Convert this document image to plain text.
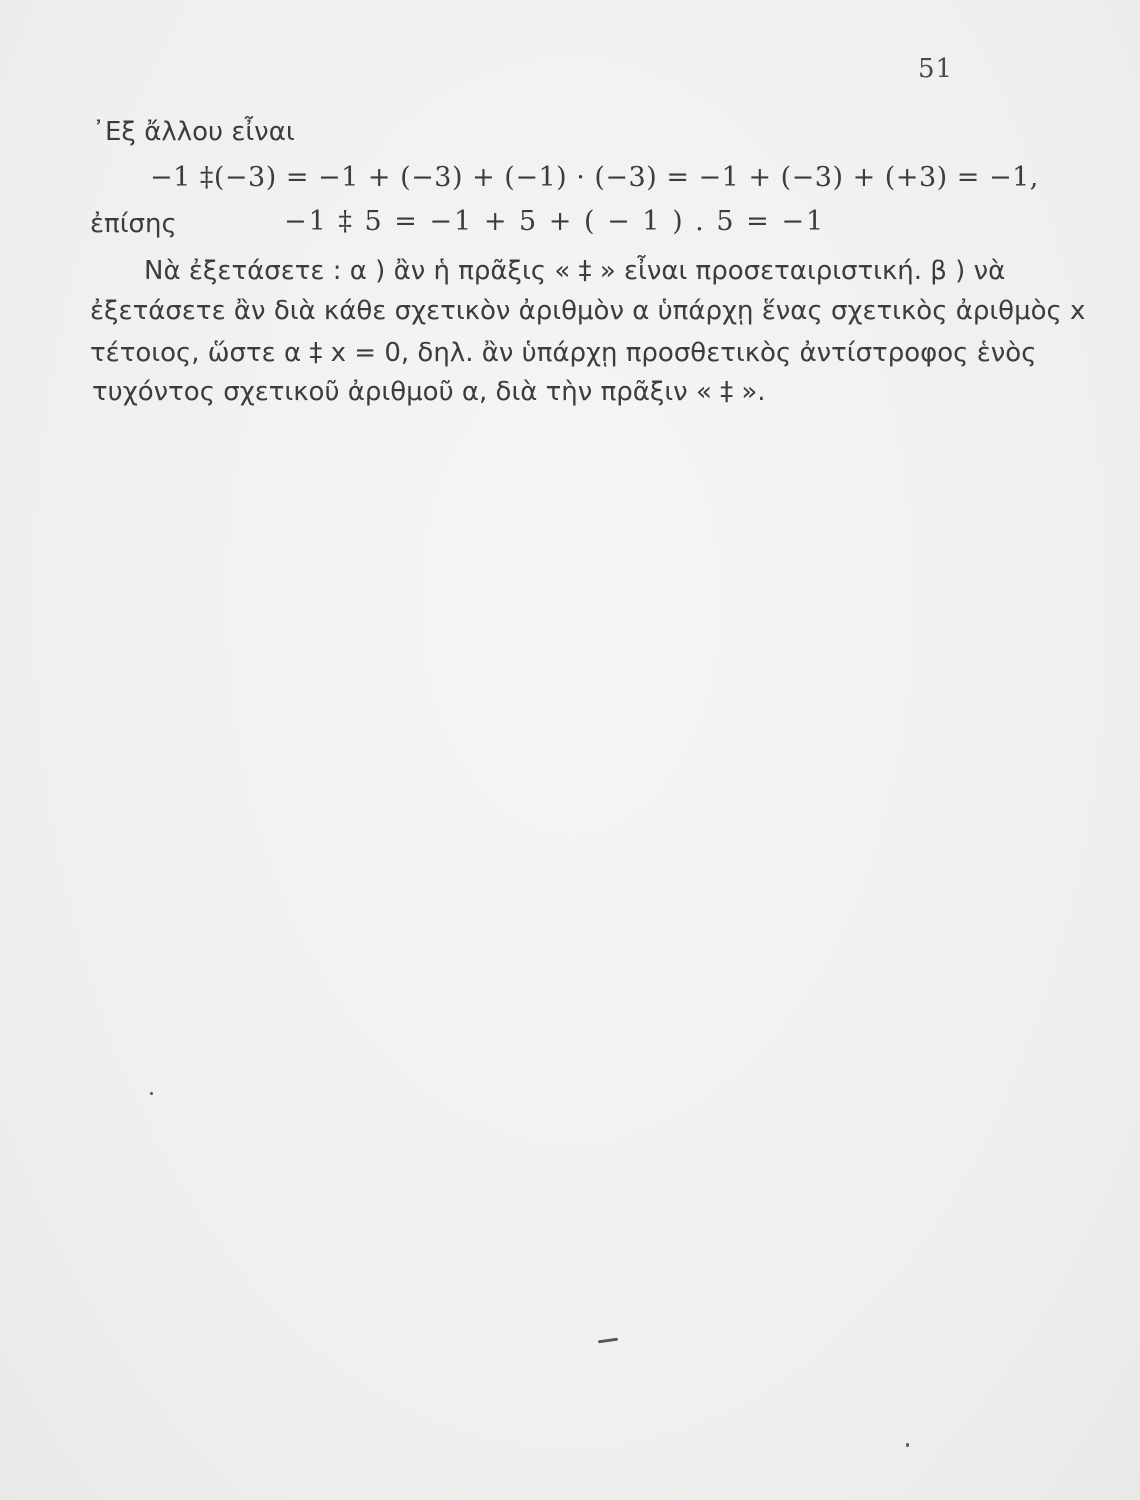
51
᾿Εξ ἄλλου εἶναι
−1 ‡(−3) = −1 + (−3) + (−1) · (−3) = −1 + (−3) + (+3) = −1,
ἐπίσης	−1 ‡ 5 = −1 + 5 + ( − 1 ) . 5 = −1
Νὰ ἐξετάσετε : α ) ἂν ἡ πρᾶξις « ‡ » εἶναι προσεταιριστική. β ) νὰ
ἐξετάσετε ἂν διὰ κάθε σχετικὸν ἀριθμὸν α ὑπάρχῃ ἕνας σχετικὸς ἀριθμὸς x
τέτοιος, ὥστε α ‡ x = 0, δηλ. ἂν ὑπάρχῃ προσθετικὸς ἀντίστροφος ἑνὸς
τυχόντος σχετικοῦ ἀριθμοῦ α, διὰ τὴν πρᾶξιν « ‡ ».
